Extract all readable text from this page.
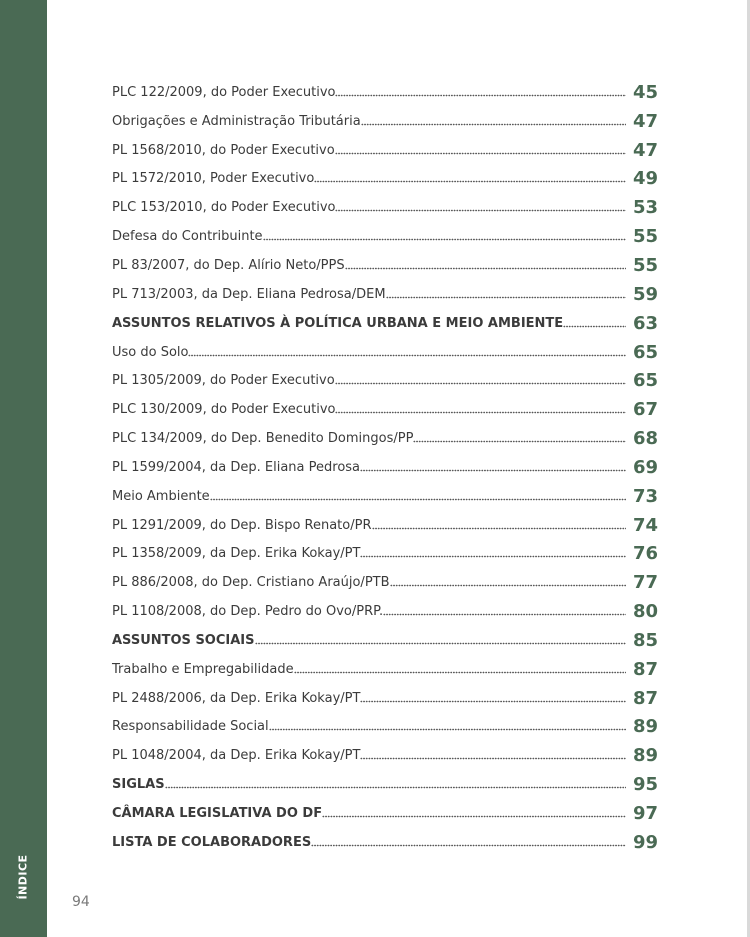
ÍNDICE
PLC 122/2009, do Poder Executivo	45
Obrigações e Administração Tributária	47
PL 1568/2010, do Poder Executivo	47
PL 1572/2010, Poder Executivo	49
PLC 153/2010, do Poder Executivo	53
Defesa do Contribuinte	55
PL 83/2007, do Dep. Alírio Neto/PPS	55
PL 713/2003, da Dep. Eliana Pedrosa/DEM	59
ASSUNTOS RELATIVOS À POLÍTICA URBANA E MEIO AMBIENTE	63
Uso do Solo	65
PL 1305/2009, do Poder Executivo	65
PLC 130/2009, do Poder Executivo	67
PLC 134/2009, do Dep. Benedito Domingos/PP	68
PL 1599/2004, da Dep. Eliana Pedrosa	69
Meio Ambiente	73
PL 1291/2009, do Dep. Bispo Renato/PR	74
PL 1358/2009, da Dep. Erika Kokay/PT	76
PL 886/2008, do Dep. Cristiano Araújo/PTB	77
PL 1108/2008, do Dep. Pedro do Ovo/PRP.	80
ASSUNTOS SOCIAIS	85
Trabalho e Empregabilidade	87
PL 2488/2006, da Dep. Erika Kokay/PT	87
Responsabilidade Social	89
PL 1048/2004, da Dep. Erika Kokay/PT	89
SIGLAS	95
CÂMARA LEGISLATIVA DO DF	97
LISTA DE COLABORADORES	99
94
